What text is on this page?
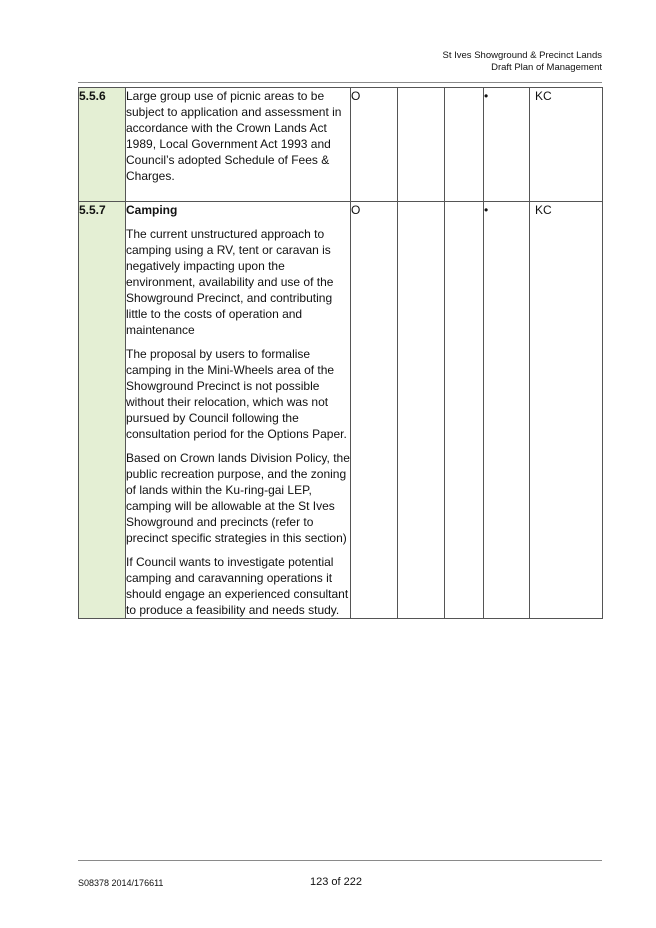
St Ives Showground & Precinct Lands
Draft Plan of Management
5.5.6	Large group use of picnic areas to be subject to application and assessment in accordance with the Crown Lands Act 1989, Local Government Act 1993 and Council’s adopted Schedule of Fees & Charges.	O			•	KC
5.5.7	Camping

The current unstructured approach to camping using a RV, tent or caravan is negatively impacting upon the environment, availability and use of the Showground Precinct, and contributing little to the costs of operation and maintenance

The proposal by users to formalise camping in the Mini-Wheels area of the Showground Precinct is not possible without their relocation, which was not pursued by Council following the consultation period for the Options Paper.

Based on Crown lands Division Policy, the public recreation purpose, and the zoning of lands within the Ku-ring-gai LEP, camping will be allowable at the St Ives Showground and precincts (refer to precinct specific strategies in this section)

If Council wants to investigate potential camping and caravanning operations it should engage an experienced consultant to produce a feasibility and needs study.	O			•	KC
S08378 2014/176611	123 of 222
